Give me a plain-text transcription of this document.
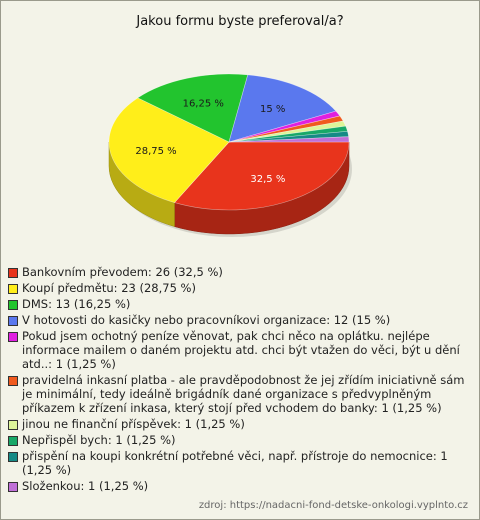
Jakou formu byste preferoval/a?
32,5 %
28,75 %
16,25 %	15 %
Bankovním převodem: 26 (32,5 %)
Koupí předmětu: 23 (28,75 %)
DMS: 13 (16,25 %)
V hotovosti do kasičky nebo pracovníkovi organizace: 12 (15 %)
Pokud jsem ochotný peníze věnovat, pak chci něco na oplátku. nejlépe informace mailem o daném projektu atd. chci být vtažen do věci, být u dění atd..: 1 (1,25 %)
pravidelná inkasní platba - ale pravděpodobnost že jej zřídím iniciativně sám je minimální, tedy ideálně brigádník dané organizace s předvyplněným příkazem k zřízení inkasa, který stojí před vchodem do banky: 1 (1,25 %)
jinou ne finanční příspěvek: 1 (1,25 %)
Nepřispěl bych: 1 (1,25 %)
přispění na koupi konkrétní potřebné věci, např. přístroje do nemocnice: 1 (1,25 %)
Složenkou: 1 (1,25 %)
zdroj: https://nadacni-fond-detske-onkologi.vyplnto.cz
